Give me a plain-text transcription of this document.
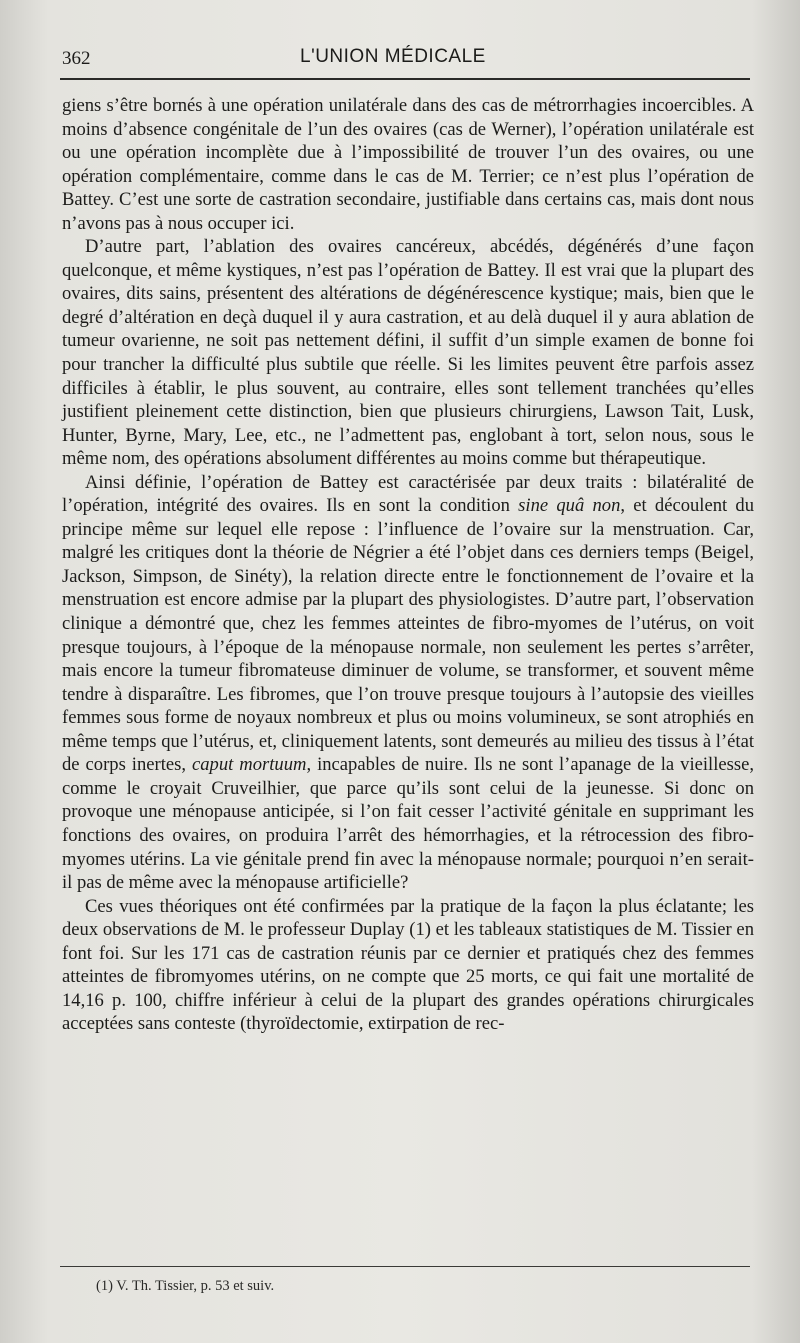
362	L'UNION MÉDICALE

giens s’être bornés à une opération unilatérale dans des cas de métrorrhagies incoercibles. A moins d’absence congénitale de l’un des ovaires (cas de Werner), l’opération unilatérale est ou une opération incomplète due à l’impossibilité de trouver l’un des ovaires, ou une opération complémentaire, comme dans le cas de M. Terrier; ce n’est plus l’opération de Battey. C’est une sorte de castration secondaire, justifiable dans certains cas, mais dont nous n’avons pas à nous occuper ici.

D’autre part, l’ablation des ovaires cancéreux, abcédés, dégénérés d’une façon quelconque, et même kystiques, n’est pas l’opération de Battey. Il est vrai que la plupart des ovaires, dits sains, présentent des altérations de dégénérescence kystique; mais, bien que le degré d’altération en deçà duquel il y aura castration, et au delà duquel il y aura ablation de tumeur ovarienne, ne soit pas nettement défini, il suffit d’un simple examen de bonne foi pour trancher la difficulté plus subtile que réelle. Si les limites peuvent être parfois assez difficiles à établir, le plus souvent, au contraire, elles sont tellement tranchées qu’elles justifient pleinement cette distinction, bien que plusieurs chirurgiens, Lawson Tait, Lusk, Hunter, Byrne, Mary, Lee, etc., ne l’admettent pas, englobant à tort, selon nous, sous le même nom, des opérations absolument différentes au moins comme but thérapeutique.

Ainsi définie, l’opération de Battey est caractérisée par deux traits : bilatéralité de l’opération, intégrité des ovaires. Ils en sont la condition sine quâ non, et découlent du principe même sur lequel elle repose : l’influence de l’ovaire sur la menstruation. Car, malgré les critiques dont la théorie de Négrier a été l’objet dans ces derniers temps (Beigel, Jackson, Simpson, de Sinéty), la relation directe entre le fonctionnement de l’ovaire et la menstruation est encore admise par la plupart des physiologistes. D’autre part, l’observation clinique a démontré que, chez les femmes atteintes de fibro-myomes de l’utérus, on voit presque toujours, à l’époque de la ménopause normale, non seulement les pertes s’arrêter, mais encore la tumeur fibromateuse diminuer de volume, se transformer, et souvent même tendre à disparaître. Les fibromes, que l’on trouve presque toujours à l’autopsie des vieilles femmes sous forme de noyaux nombreux et plus ou moins volumineux, se sont atrophiés en même temps que l’utérus, et, cliniquement latents, sont demeurés au milieu des tissus à l’état de corps inertes, caput mortuum, incapables de nuire. Ils ne sont l’apanage de la vieillesse, comme le croyait Cruveilhier, que parce qu’ils sont celui de la jeunesse. Si donc on provoque une ménopause anticipée, si l’on fait cesser l’activité génitale en supprimant les fonctions des ovaires, on produira l’arrêt des hémorrhagies, et la rétrocession des fibro-myomes utérins. La vie génitale prend fin avec la ménopause normale; pourquoi n’en serait-il pas de même avec la ménopause artificielle?

Ces vues théoriques ont été confirmées par la pratique de la façon la plus éclatante; les deux observations de M. le professeur Duplay (1) et les tableaux statistiques de M. Tissier en font foi. Sur les 171 cas de castration réunis par ce dernier et pratiqués chez des femmes atteintes de fibromyomes utérins, on ne compte que 25 morts, ce qui fait une mortalité de 14,16 p. 100, chiffre inférieur à celui de la plupart des grandes opérations chirurgicales acceptées sans conteste (thyroïdectomie, extirpation de rec-

(1) V. Th. Tissier, p. 53 et suiv.
